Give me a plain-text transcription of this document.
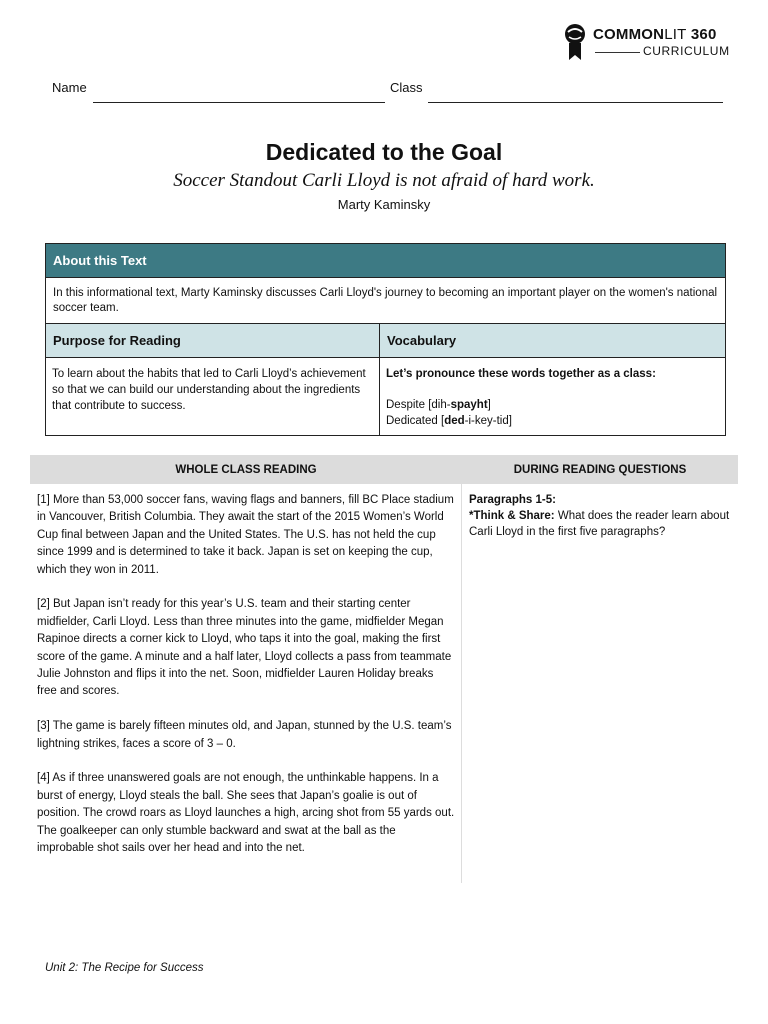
COMMONLIT 360
CURRICULUM
Name	Class
Dedicated to the Goal
Soccer Standout Carli Lloyd is not afraid of hard work.
Marty Kaminsky
About this Text
In this informational text, Marty Kaminsky discusses Carli Lloyd's journey to becoming an important player on the women's national soccer team.
Purpose for Reading
To learn about the habits that led to Carli Lloyd’s achievement so that we can build our understanding about the ingredients that contribute to success.
Vocabulary
Let’s pronounce these words together as a class:
Despite [dih-spayht]
Dedicated [ded-i-key-tid]
WHOLE CLASS READING	DURING READING QUESTIONS

[1] More than 53,000 soccer fans, waving flags and banners, fill BC Place stadium in Vancouver, British Columbia. They await the start of the 2015 Women’s World Cup final between Japan and the United States. The U.S. has not held the cup since 1999 and is determined to take it back. Japan is set on keeping the cup, which they won in 2011.

[2] But Japan isn’t ready for this year’s U.S. team and their starting center midfielder, Carli Lloyd. Less than three minutes into the game, midfielder Megan Rapinoe directs a corner kick to Lloyd, who taps it into the goal, making the first score of the game. A minute and a half later, Lloyd collects a pass from teammate Julie Johnston and flips it into the net. Soon, midfielder Lauren Holiday breaks free and scores.

[3] The game is barely fifteen minutes old, and Japan, stunned by the U.S. team’s lightning strikes, faces a score of 3 – 0.

[4] As if three unanswered goals are not enough, the unthinkable happens. In a burst of energy, Lloyd steals the ball. She sees that Japan’s goalie is out of position. The crowd roars as Lloyd launches a high, arcing shot from 55 yards out. The goalkeeper can only stumble backward and swat at the ball as the improbable shot sails over her head and into the net.

Paragraphs 1-5:
*Think & Share: What does the reader learn about Carli Lloyd in the first five paragraphs?
Unit 2: The Recipe for Success
